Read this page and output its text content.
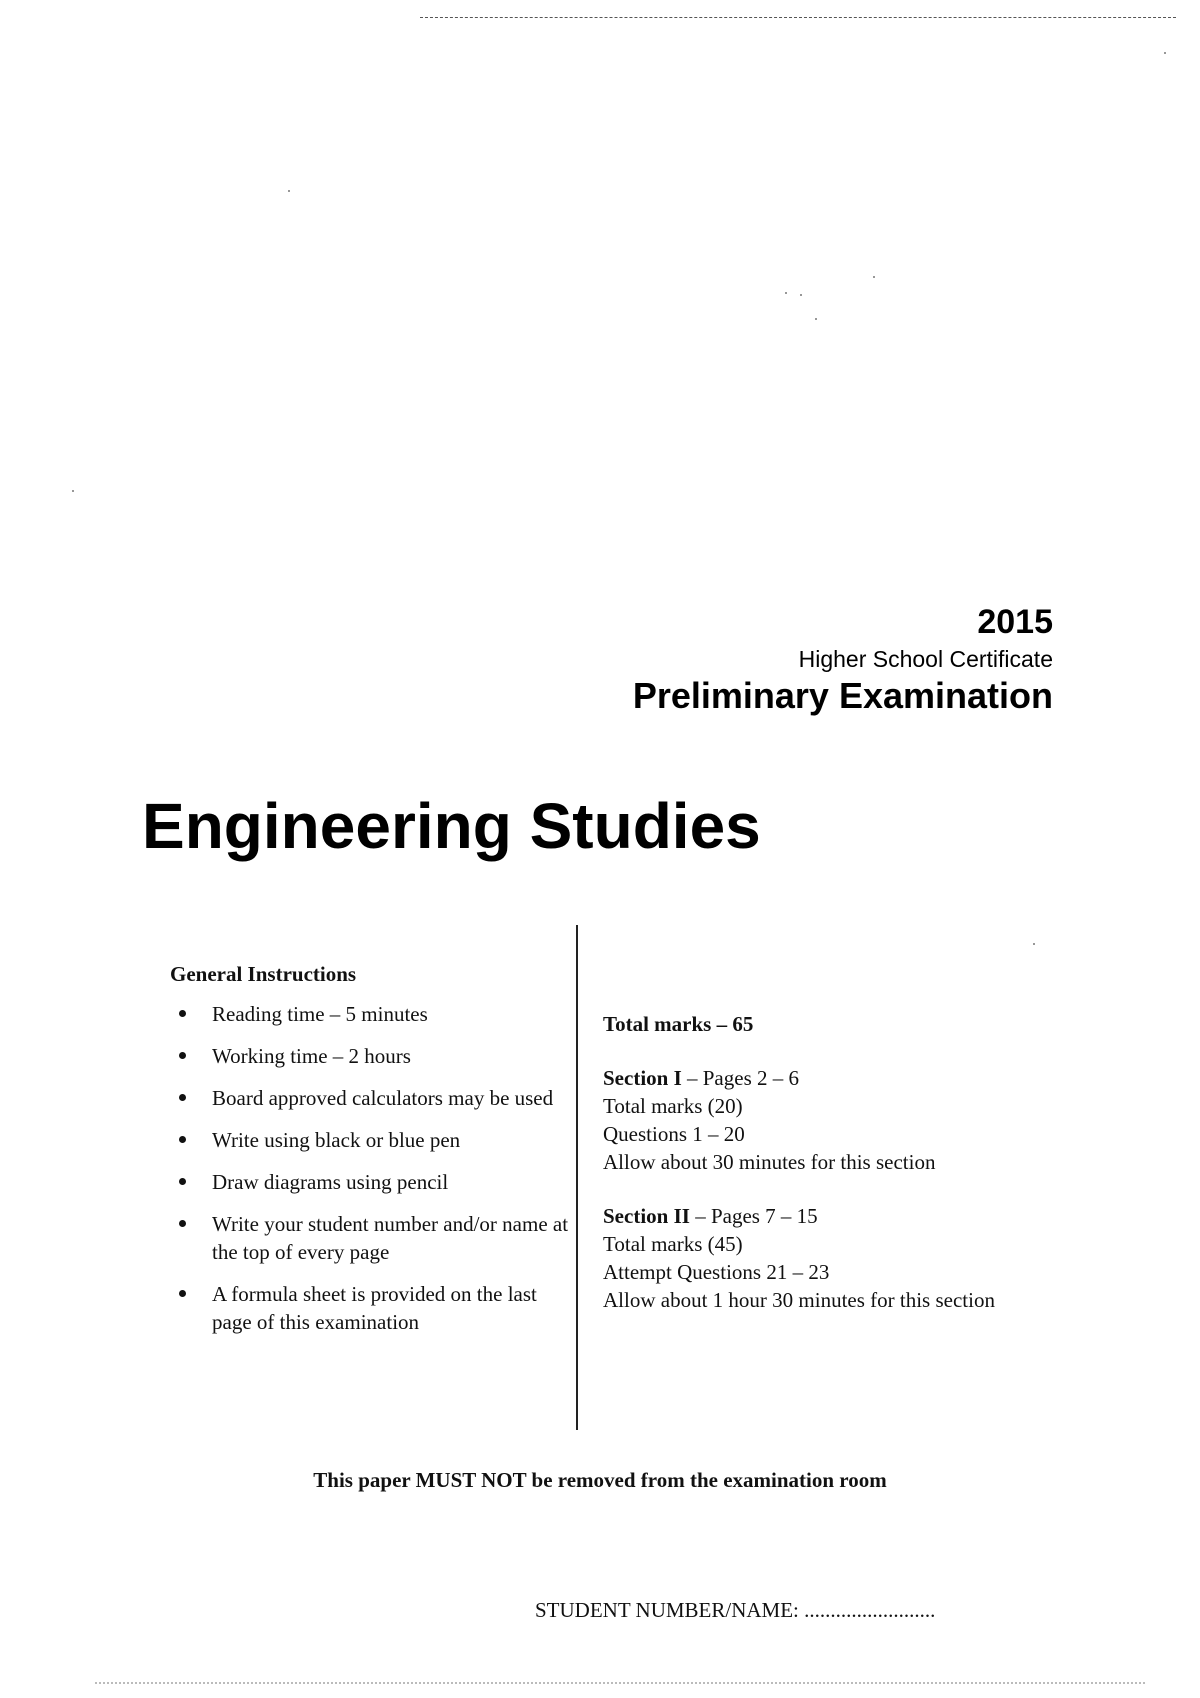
2015
Higher School Certificate
Preliminary Examination
Engineering Studies

General Instructions

Reading time – 5 minutes
Working time – 2 hours
Board approved calculators may be used
Write using black or blue pen
Draw diagrams using pencil
Write your student number and/or name at the top of every page
A formula sheet is provided on the last page of this examination

Total marks – 65

Section I – Pages 2 – 6

Total marks (20)

Questions 1 – 20

Allow about 30 minutes for this section

Section II – Pages 7 – 15

Total marks (45)

Attempt Questions 21 – 23

Allow about 1 hour 30 minutes for this section

This paper MUST NOT be removed from the examination room

STUDENT NUMBER/NAME: .........................
